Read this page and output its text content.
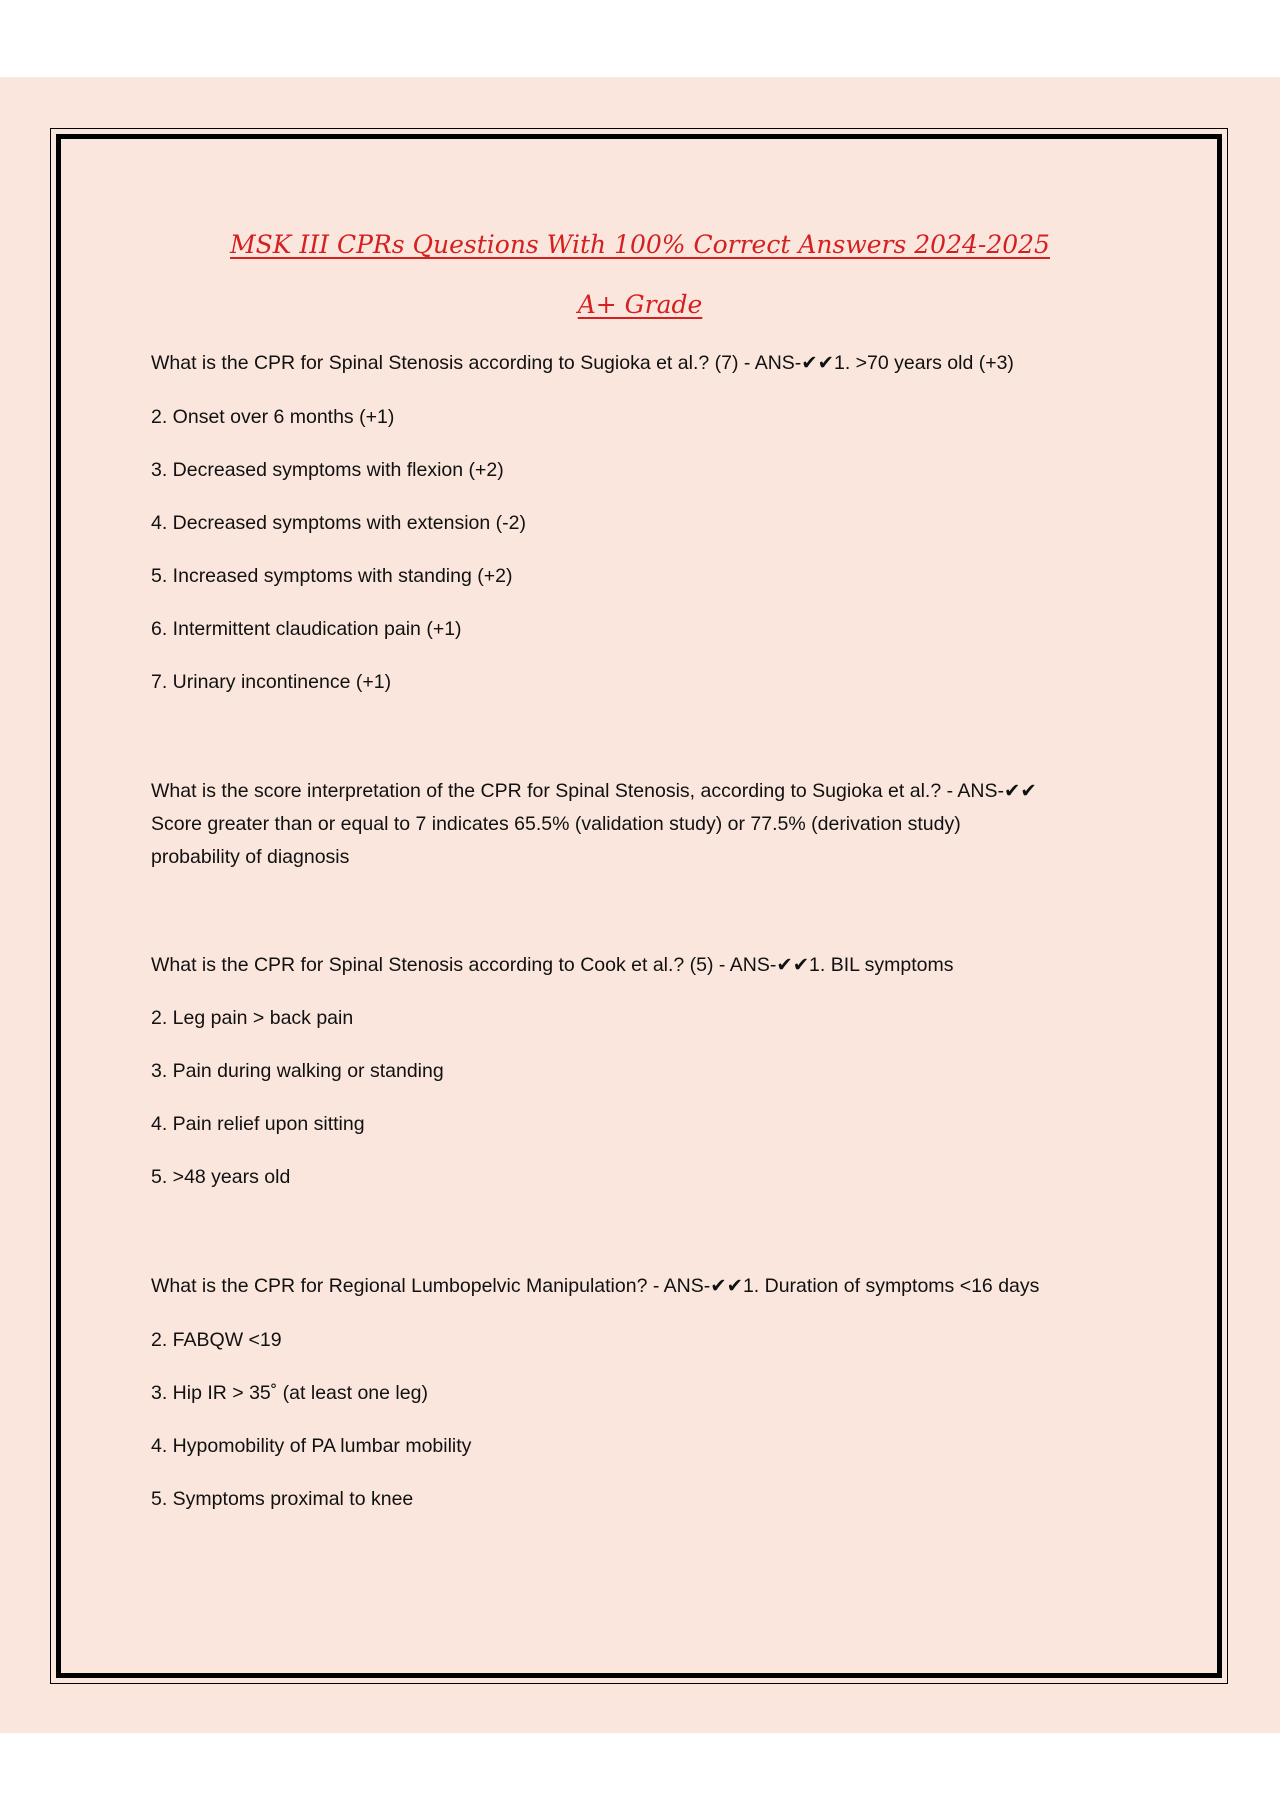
MSK III CPRs Questions With 100% Correct Answers 2024-2025
A+ Grade
What is the CPR for Spinal Stenosis according to Sugioka et al.? (7) - ANS-✔✔1. >70 years old (+3)
2. Onset over 6 months (+1)
3. Decreased symptoms with flexion (+2)
4. Decreased symptoms with extension (-2)
5. Increased symptoms with standing (+2)
6. Intermittent claudication pain (+1)
7. Urinary incontinence (+1)
What is the score interpretation of the CPR for Spinal Stenosis, according to Sugioka et al.? - ANS-✔✔
Score greater than or equal to 7 indicates 65.5% (validation study) or 77.5% (derivation study)
probability of diagnosis
What is the CPR for Spinal Stenosis according to Cook et al.? (5) - ANS-✔✔1. BIL symptoms
2. Leg pain > back pain
3. Pain during walking or standing
4. Pain relief upon sitting
5. >48 years old
What is the CPR for Regional Lumbopelvic Manipulation? - ANS-✔✔1. Duration of symptoms <16 days
2. FABQW <19
3. Hip IR > 35˚ (at least one leg)
4. Hypomobility of PA lumbar mobility
5. Symptoms proximal to knee
